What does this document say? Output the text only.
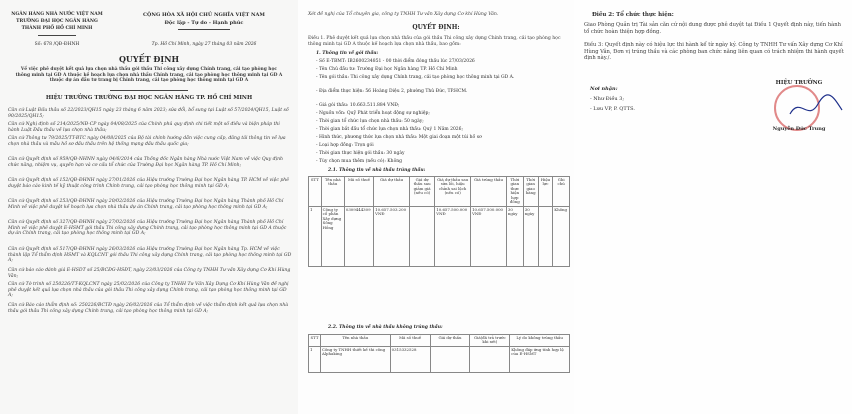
NGÂN HÀNG NHÀ NƯỚC VIỆT NAM
TRƯỜNG ĐẠI HỌC NGÂN HÀNG
THÀNH PHỐ HỒ CHÍ MINH
Số: 678 /QĐ-ĐHNH
CỘNG HÒA XÃ HỘI CHỦ NGHĨA VIỆT NAM
Độc lập - Tự do - Hạnh phúc
Tp. Hồ Chí Minh, ngày 27 tháng 03 năm 2026
QUYẾT ĐỊNH
Về việc phê duyệt kết quả lựa chọn nhà thầu gói thầu Thi công xây dựng Chính trang, cải tạo phòng học thông minh tại GD A thuộc kế hoạch lựa chọn nhà thầu Chính trang, cải tạo phòng học thông minh tại GD A thuộc dự án đầu tư trang bị Chính trang, cải tạo phòng học thông minh tại GD A
HIỆU TRƯỞNG TRƯỜNG ĐẠI HỌC NGÂN HÀNG TP. HỒ CHÍ MINH
Căn cứ Luật Đấu thầu số 22/2023/QH15 ngày 23 tháng 6 năm 2023; sửa đổi, bổ sung tại Luật số 57/2024/QH15, Luật số 90/2025/QH15;
Căn cứ Nghị định số 214/2025/NĐ-CP ngày 04/08/2025 của Chính phủ quy định chi tiết một số điều và biện pháp thi hành Luật Đấu thầu về lựa chọn nhà thầu;
Căn cứ Thông tư 79/2025/TT-BTC ngày 04/08/2025 của Bộ tài chính hướng dẫn việc cung cấp, đăng tải thông tin về lựa chọn nhà thầu và mẫu hồ sơ đấu thầu trên hệ thống mạng đấu thầu quốc gia;
Căn cứ Quyết định số 959/QĐ-NHNN ngày 04/6/2014 của Thống đốc Ngân hàng Nhà nước Việt Nam về việc Quy định chức năng, nhiệm vụ, quyền hạn và cơ cấu tổ chức của Trường Đại học Ngân hàng TP. Hồ Chí Minh;
Căn cứ Quyết định số 152/QĐ-ĐHNH ngày 27/01/2026 của Hiệu trưởng Trường Đại học Ngân hàng TP. HCM về việc phê duyệt báo cáo kinh tế kỹ thuật công trình Chính trang, cải tạo phòng học thông minh tại GD A;
Căn cứ Quyết định số 253/QĐ-ĐHNH ngày 20/02/2026 của Hiệu trưởng Trường Đại học Ngân hàng Thành phố Hồ Chí Minh về việc phê duyệt kế hoạch lựa chọn nhà thầu dự án Chính trang, cải tạo phòng học thông minh tại GD A;
Căn cứ Quyết định số 327/QĐ-ĐHNH ngày 27/02/2026 của Hiệu trưởng Trường Đại học Ngân hàng Thành phố Hồ Chí Minh về việc phê duyệt E-HSMT gói thầu Thi công xây dựng Chính trang, cải tạo phòng học thông minh tại GD A thuộc dự án Chính trang, cải tạo phòng học thông minh tại GD A;
Căn cứ Quyết định số 517/QĐ-ĐHNH ngày 26/03/2026 của Hiệu trưởng Trường Đại học Ngân hàng Tp. HCM về việc thành lập Tổ thẩm định HSMT và KQLCNT gói thầu Thi công xây dựng Chính trang, cải tạo phòng học thông minh tại GD A;
Căn cứ báo cáo đánh giá E-HSDT số 25/BCĐG-HSĐT, ngày 23/03/2026 của Công ty TNHH Tư vấn Xây dựng Cơ Khí Hùng Vân;
Căn cứ Tờ trình số 250226/TT-KQLCNT ngày 25/02/2026 của Công ty TNHH Tư Vấn Xây Dựng Cơ Khí Hùng Vân đề nghị phê duyệt kết quả lựa chọn nhà thầu của gói thầu Thi công xây dựng Chính trang, cải tạo phòng học thông minh tại GD A;
Căn cứ Báo cáo thẩm định số: 250226/BCTĐ ngày 26/02/2026 của Tổ thẩm định về việc thẩm định kết quả lựa chọn nhà thầu gói thầu Thi công xây dựng Chính trang, cải tạo phòng học thông minh tại GD A;
Xét đề nghị của Tổ chuyên gia, công ty TNHH Tư vấn Xây dựng Cơ khí Hùng Vân.
QUYẾT ĐỊNH:
Điều 1. Phê duyệt kết quả lựa chọn nhà thầu của gói thầu Thi công xây dựng Chính trang, cải tạo phòng học thông minh tại GD A thuộc kế hoạch lựa chọn nhà thầu, bao gồm:
1. Thông tin về gói thầu:
- Số E-TBMT: IB2600234851 - 00 thời điểm đóng thầu lúc 27/03/2026
- Tên Chủ đầu tư: Trường Đại học Ngân hàng TP. Hồ Chí Minh
- Tên gói thầu: Thi công xây dựng Chính trang, cải tạo phòng học thông minh tại GD A.
- Địa điểm thực hiện: 56 Hoàng Diệu 2, phường Thủ Đức, TP.HCM.
- Giá gói thầu: 10.663.511.884 VNĐ;
- Nguồn vốn: Quỹ Phát triển hoạt động sự nghiệp;
- Thời gian tổ chức lựa chọn nhà thầu: 50 ngày;
- Thời gian bắt đầu tổ chức lựa chọn nhà thầu: Quý 1 Năm 2026;
- Hình thức, phương thức lựa chọn nhà thầu: Một giai đoạn một túi hồ sơ
- Loại hợp đồng: Trọn gói
- Thời gian thực hiện gói thầu: 30 ngày
- Tùy chọn mua thêm (nếu có): Không
2.1. Thông tin về nhà thầu trúng thầu:
STT	Tên nhà thầu	Mã số thuế	Giá dự thầu	Giá dự thầu sau giảm giá (nếu có)	Giá dự thầu sau sửa lỗi, hiệu chỉnh sai lệch (nếu có)	Giá trúng thầu	Thời gian thực hiện hợp đồng	Thời gian giao hàng	Hiệu lực	Ghi chú
1	Công ty cổ phần Xây dựng Sông Hồng	0309444309	10.657.503.200 VNĐ		10.657.500.000 VNĐ	10.657.500.000 VNĐ	30 ngày	30 ngày		Không
2.2. Thông tin về nhà thầu không trúng thầu:
STT	Tên nhà thầu	Mã số thuế	Giá dự thầu	Giá(đã trả trước khi xét)	Lý do không trúng thầu
1	Công ty TNHH thiết kế thi công Alphaking	0315332528			Không đáp ứng tính hợp lệ của E-HSMT
Điều 2: Tổ chức thực hiện:
Giao Phòng Quản trị Tài sản căn cứ nội dung được phê duyệt tại Điều 1 Quyết định này, tiến hành tổ chức hoàn thiện hợp đồng.
Điều 3: Quyết định này có hiệu lực thi hành kể từ ngày ký. Công ty TNHH Tư vấn Xây dựng Cơ Khí Hùng Vân, Đơn vị trúng thầu và các phòng ban chức năng liên quan có trách nhiệm thi hành quyết định này./.
Nơi nhận:
- Như Điều 3;
- Lưu VP, P. QTTS.
HIỆU TRƯỞNG
Nguyễn Đức Trung
